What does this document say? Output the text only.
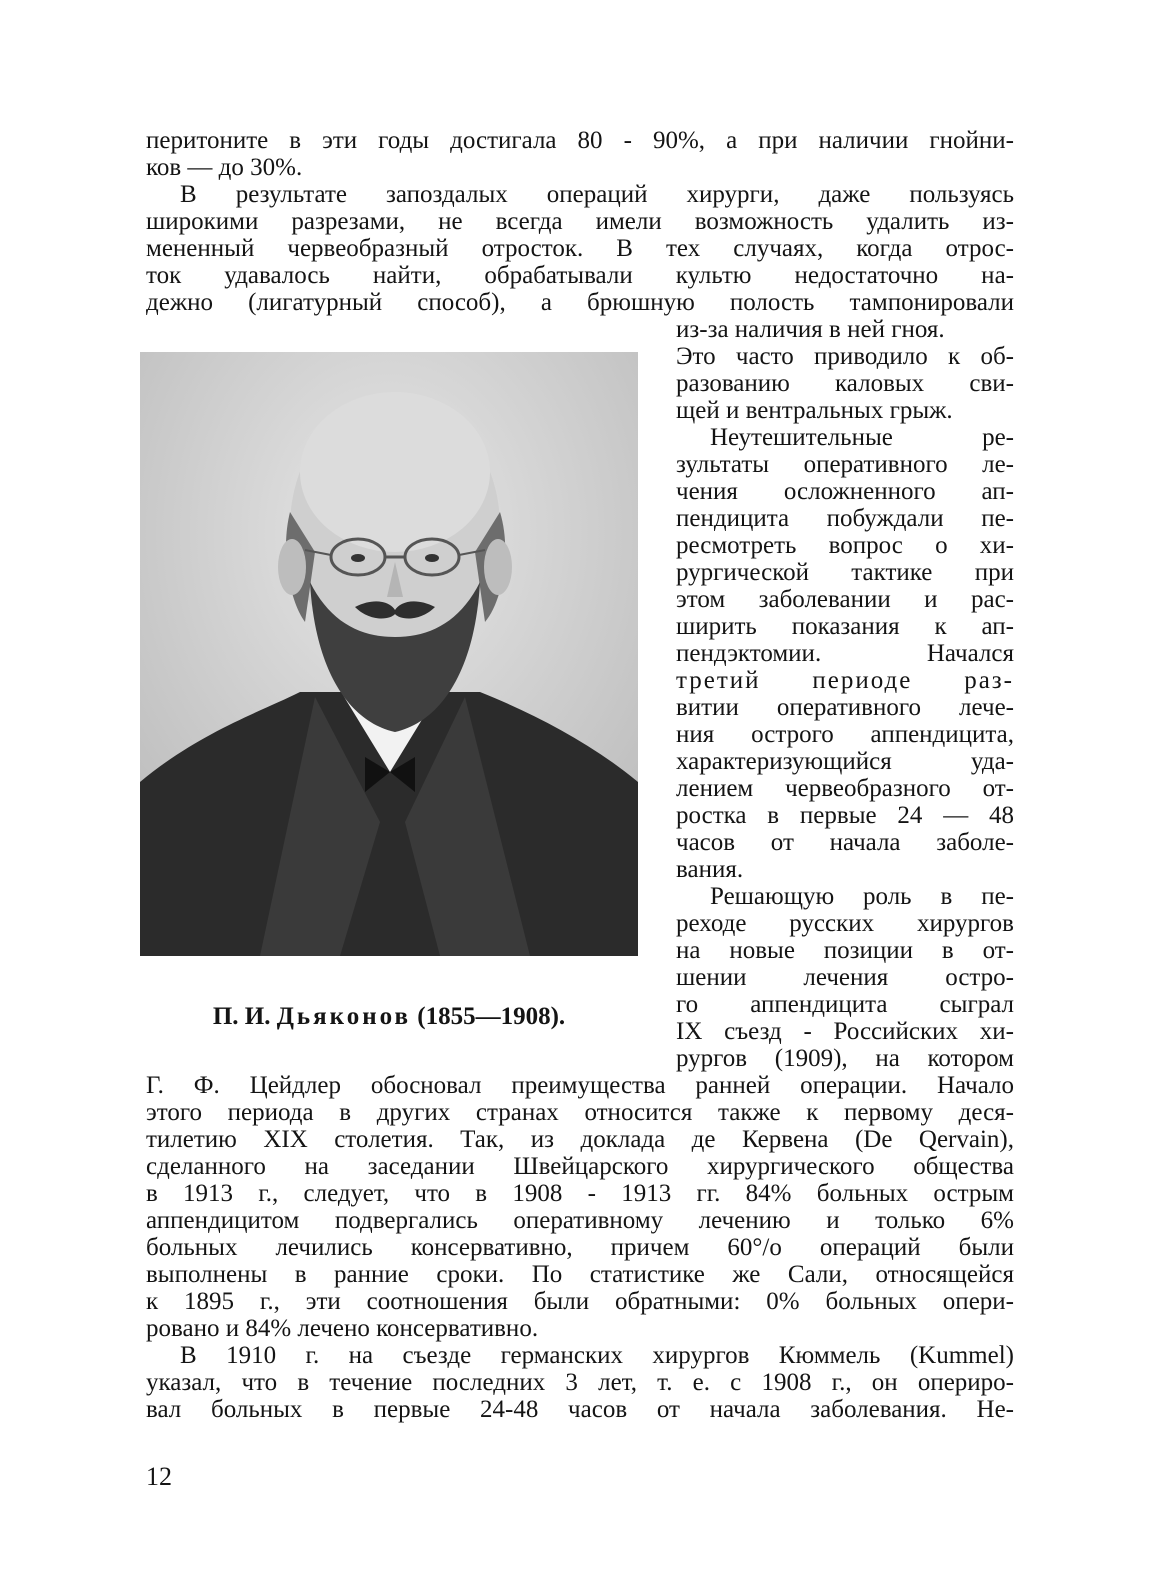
перитоните в эти годы достигала 80 - 90%, а при наличии гнойни-
ков — до 30%.
В результате запоздалых операций хирурги, даже пользуясь
широкими разрезами, не всегда имели возможность удалить из-
мененный червеобразный отросток. В тех случаях, когда отрос-
ток удавалось найти, обрабатывали культю недостаточно на-
дежно (лигатурный способ), а брюшную полость тампонировали
П. И. Дьяконов (1855—1908).
из-за наличия в ней гноя.
Это часто приводило к об-
разованию каловых сви-
щей и вентральных грыж.
Неутешительные ре-
зультаты оперативного ле-
чения осложненного ап-
пендицита побуждали пе-
ресмотреть вопрос о хи-
рургической тактике при
этом заболевании и рас-
ширить показания к ап-
пендэктомии. Начался
третий периоде раз-
витии оперативного лече-
ния острого аппендицита,
характеризующийся уда-
лением червеобразного от-
ростка в первые 24 — 48
часов от начала заболе-
вания.
Решающую роль в пе-
реходе русских хирургов
на новые позиции в от-
шении лечения остро-
го аппендицита сыграл
IX съезд - Российских хи-
рургов (1909), на котором
Г. Ф. Цейдлер обосновал преимущества ранней операции. Начало
этого периода в других странах относится также к первому деся-
тилетию XIX столетия. Так, из доклада де Кервена (De Qervain),
сделанного на заседании Швейцарского хирургического общества
в 1913 г., следует, что в 1908 - 1913 гг. 84% больных острым
аппендицитом подвергались оперативному лечению и только 6%
больных лечились консервативно, причем 60°/о операций были
выполнены в ранние сроки. По статистике же Сали, относящейся
к 1895 г., эти соотношения были обратными: 0% больных опери-
ровано и 84% лечено консервативно.
В 1910 г. на съезде германских хирургов Кюммель (Kummel)
указал, что в течение последних 3 лет, т. е. с 1908 г., он опериро-
вал больных в первые 24-48 часов от начала заболевания. Не-
12
